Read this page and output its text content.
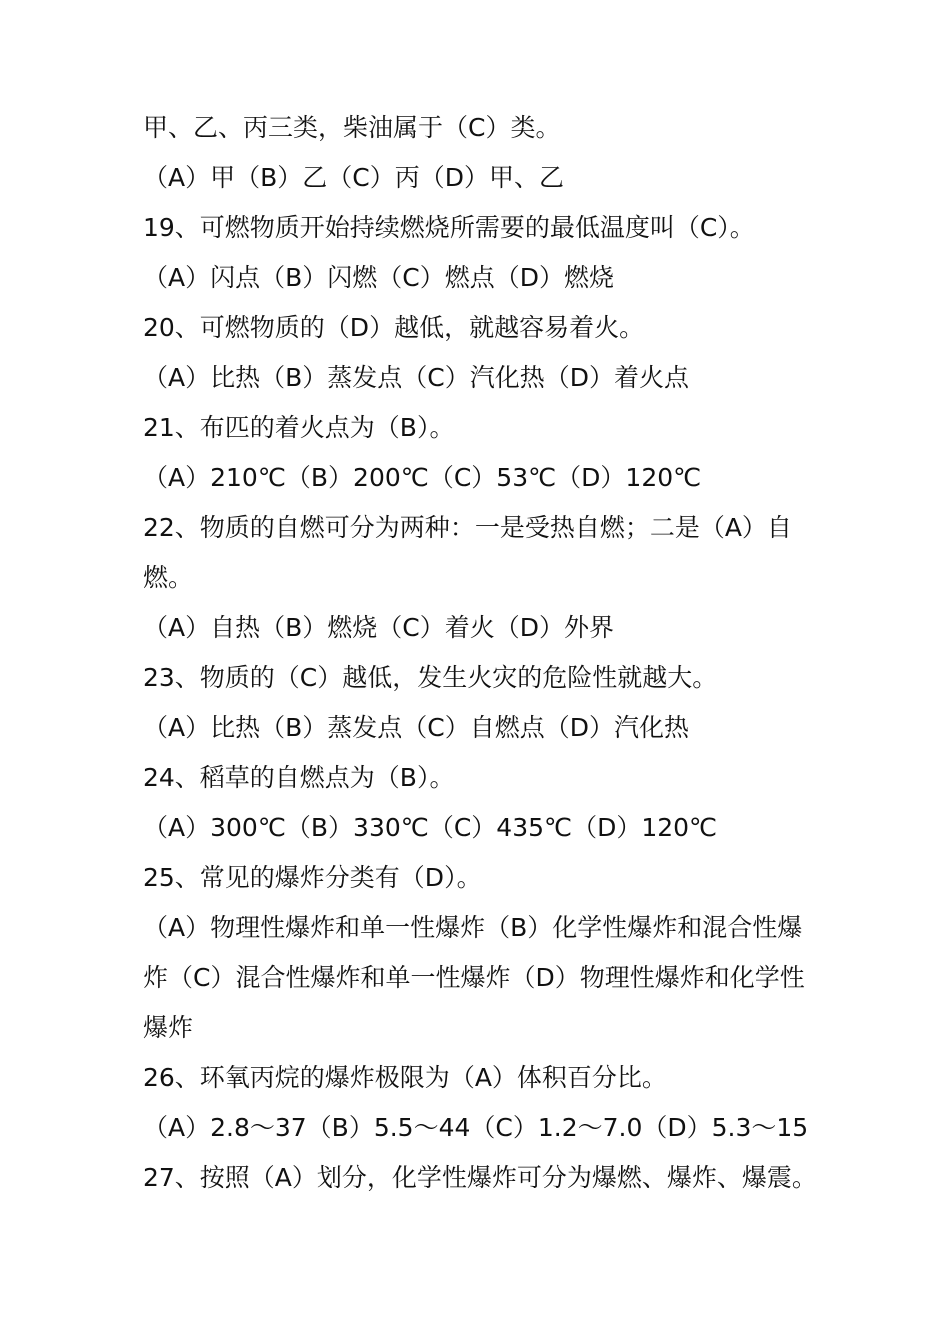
甲、乙、丙三类，柴油属于（C）类。
（A）甲（B）乙（C）丙（D）甲、乙
19、可燃物质开始持续燃烧所需要的最低温度叫（C）。
（A）闪点（B）闪燃（C）燃点（D）燃烧
20、可燃物质的（D）越低，就越容易着火。
（A）比热（B）蒸发点（C）汽化热（D）着火点
21、布匹的着火点为（B）。
（A）210℃（B）200℃（C）53℃（D）120℃
22、物质的自燃可分为两种：一是受热自燃；二是（A）自
燃。
（A）自热（B）燃烧（C）着火（D）外界
23、物质的（C）越低，发生火灾的危险性就越大。
（A）比热（B）蒸发点（C）自燃点（D）汽化热
24、稻草的自燃点为（B）。
（A）300℃（B）330℃（C）435℃（D）120℃
25、常见的爆炸分类有（D）。
（A）物理性爆炸和单一性爆炸（B）化学性爆炸和混合性爆
炸（C）混合性爆炸和单一性爆炸（D）物理性爆炸和化学性
爆炸
26、环氧丙烷的爆炸极限为（A）体积百分比。
（A）2.8～37（B）5.5～44（C）1.2～7.0（D）5.3～15
27、按照（A）划分，化学性爆炸可分为爆燃、爆炸、爆震。
